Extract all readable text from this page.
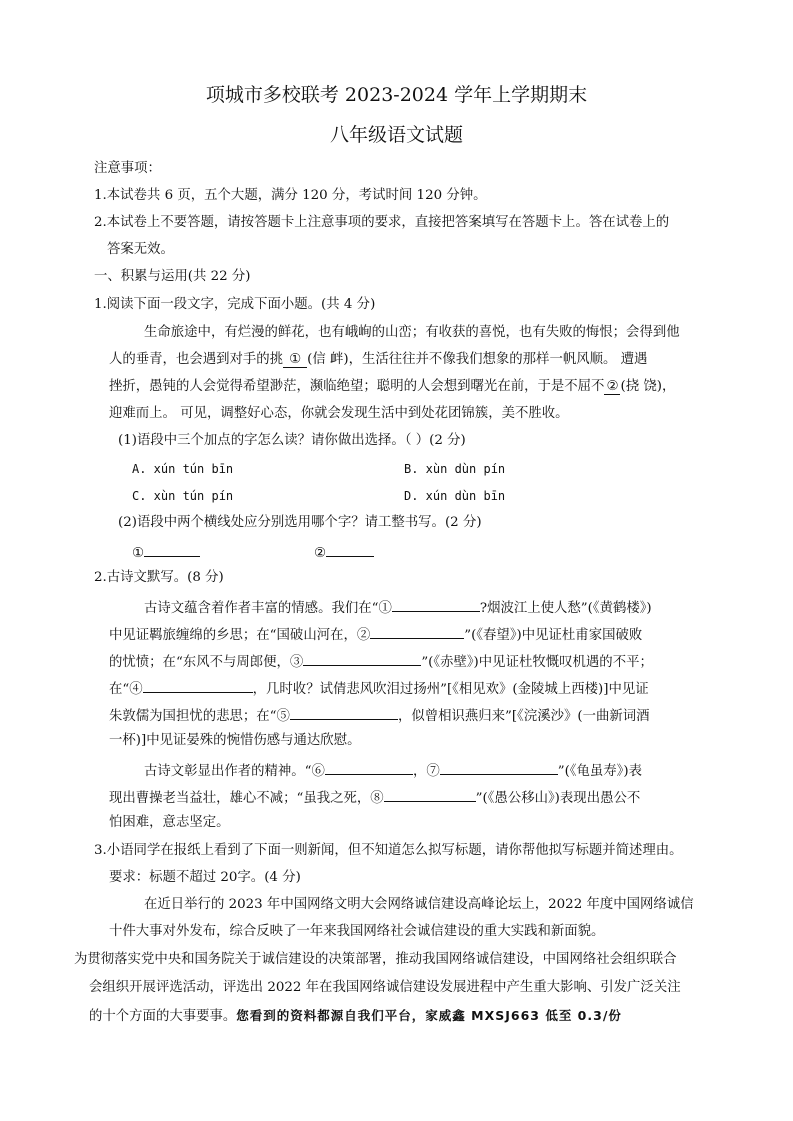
项城市多校联考 2023-2024 学年上学期期末
八年级语文试题
注意事项：
1.本试卷共 6 页，五个大题，满分 120 分，考试时间 120 分钟。
2.本试卷上不要答题，请按答题卡上注意事项的要求，直接把答案填写在答题卡上。答在试卷上的
答案无效。
一、积累与运用(共 22 分)
1.阅读下面一段文字，完成下面小题。(共 4 分)
生命旅途中，有烂漫的鲜花，也有峨峋的山峦；有收获的喜悦，也有失败的悔恨；会得到他
人的垂青，也会遇到对手的挑 ① (信 衅)，生活往往并不像我们想象的那样一帆风顺。 遭遇
挫折，愚钝的人会觉得希望渺茫，濒临绝望；聪明的人会想到曙光在前，于是不屈不 ② (挠 饶)，
迎难而上。 可见，调整好心态，你就会发现生活中到处花团锦簇，美不胜收。
(1)语段中三个加点的字怎么读？请你做出选择。（ ）(2 分)
A. xún tún bīn	B. xùn dùn pín
C. xùn tún pín	D. xún dùn bīn
(2)语段中两个横线处应分别选用哪个字？请工整书写。(2 分)
①	②
2.古诗文默写。(8 分)
古诗文蕴含着作者丰富的情感。我们在“①	?烟波江上使人愁”(《黄鹤楼》)
中见证羁旅缠绵的乡思；在“国破山河在，②	”(《春望》)中见证杜甫家国破败
的忧愤；在“东风不与周郎便，③	”(《赤壁》)中见证杜牧慨叹机遇的不平；
在“④	，几时收？试倩悲风吹泪过扬州”[《相见欢》(金陵城上西楼)]中见证
朱敦儒为国担忧的悲思；在“⑤	，似曾相识燕归来”[《浣溪沙》(一曲新词酒
一杯)]中见证晏殊的惋惜伤感与通达欣慰。
古诗文彰显出作者的精神。“⑥	，⑦	”(《龟虽寿》)表
现出曹操老当益壮，雄心不减；“虽我之死，⑧	”(《愚公移山》)表现出愚公不
怕困难，意志坚定。
3.小语同学在报纸上看到了下面一则新闻，但不知道怎么拟写标题，请你帮他拟写标题并简述理由。
要求：标题不超过 20字。(4 分)
在近日举行的 2023 年中国网络文明大会网络诚信建设高峰论坛上，2022 年度中国网络诚信
十件大事对外发布，综合反映了一年来我国网络社会诚信建设的重大实践和新面貌。
为贯彻落实党中央和国务院关于诚信建设的决策部署，推动我国网络诚信建设，中国网络社会组织联合
会组织开展评选活动，评选出 2022 年在我国网络诚信建设发展进程中产生重大影响、引发广泛关注
的十个方面的大事要事。您看到的资料都源自我们平台，家威鑫 MXSJ663 低至 0.3/份
